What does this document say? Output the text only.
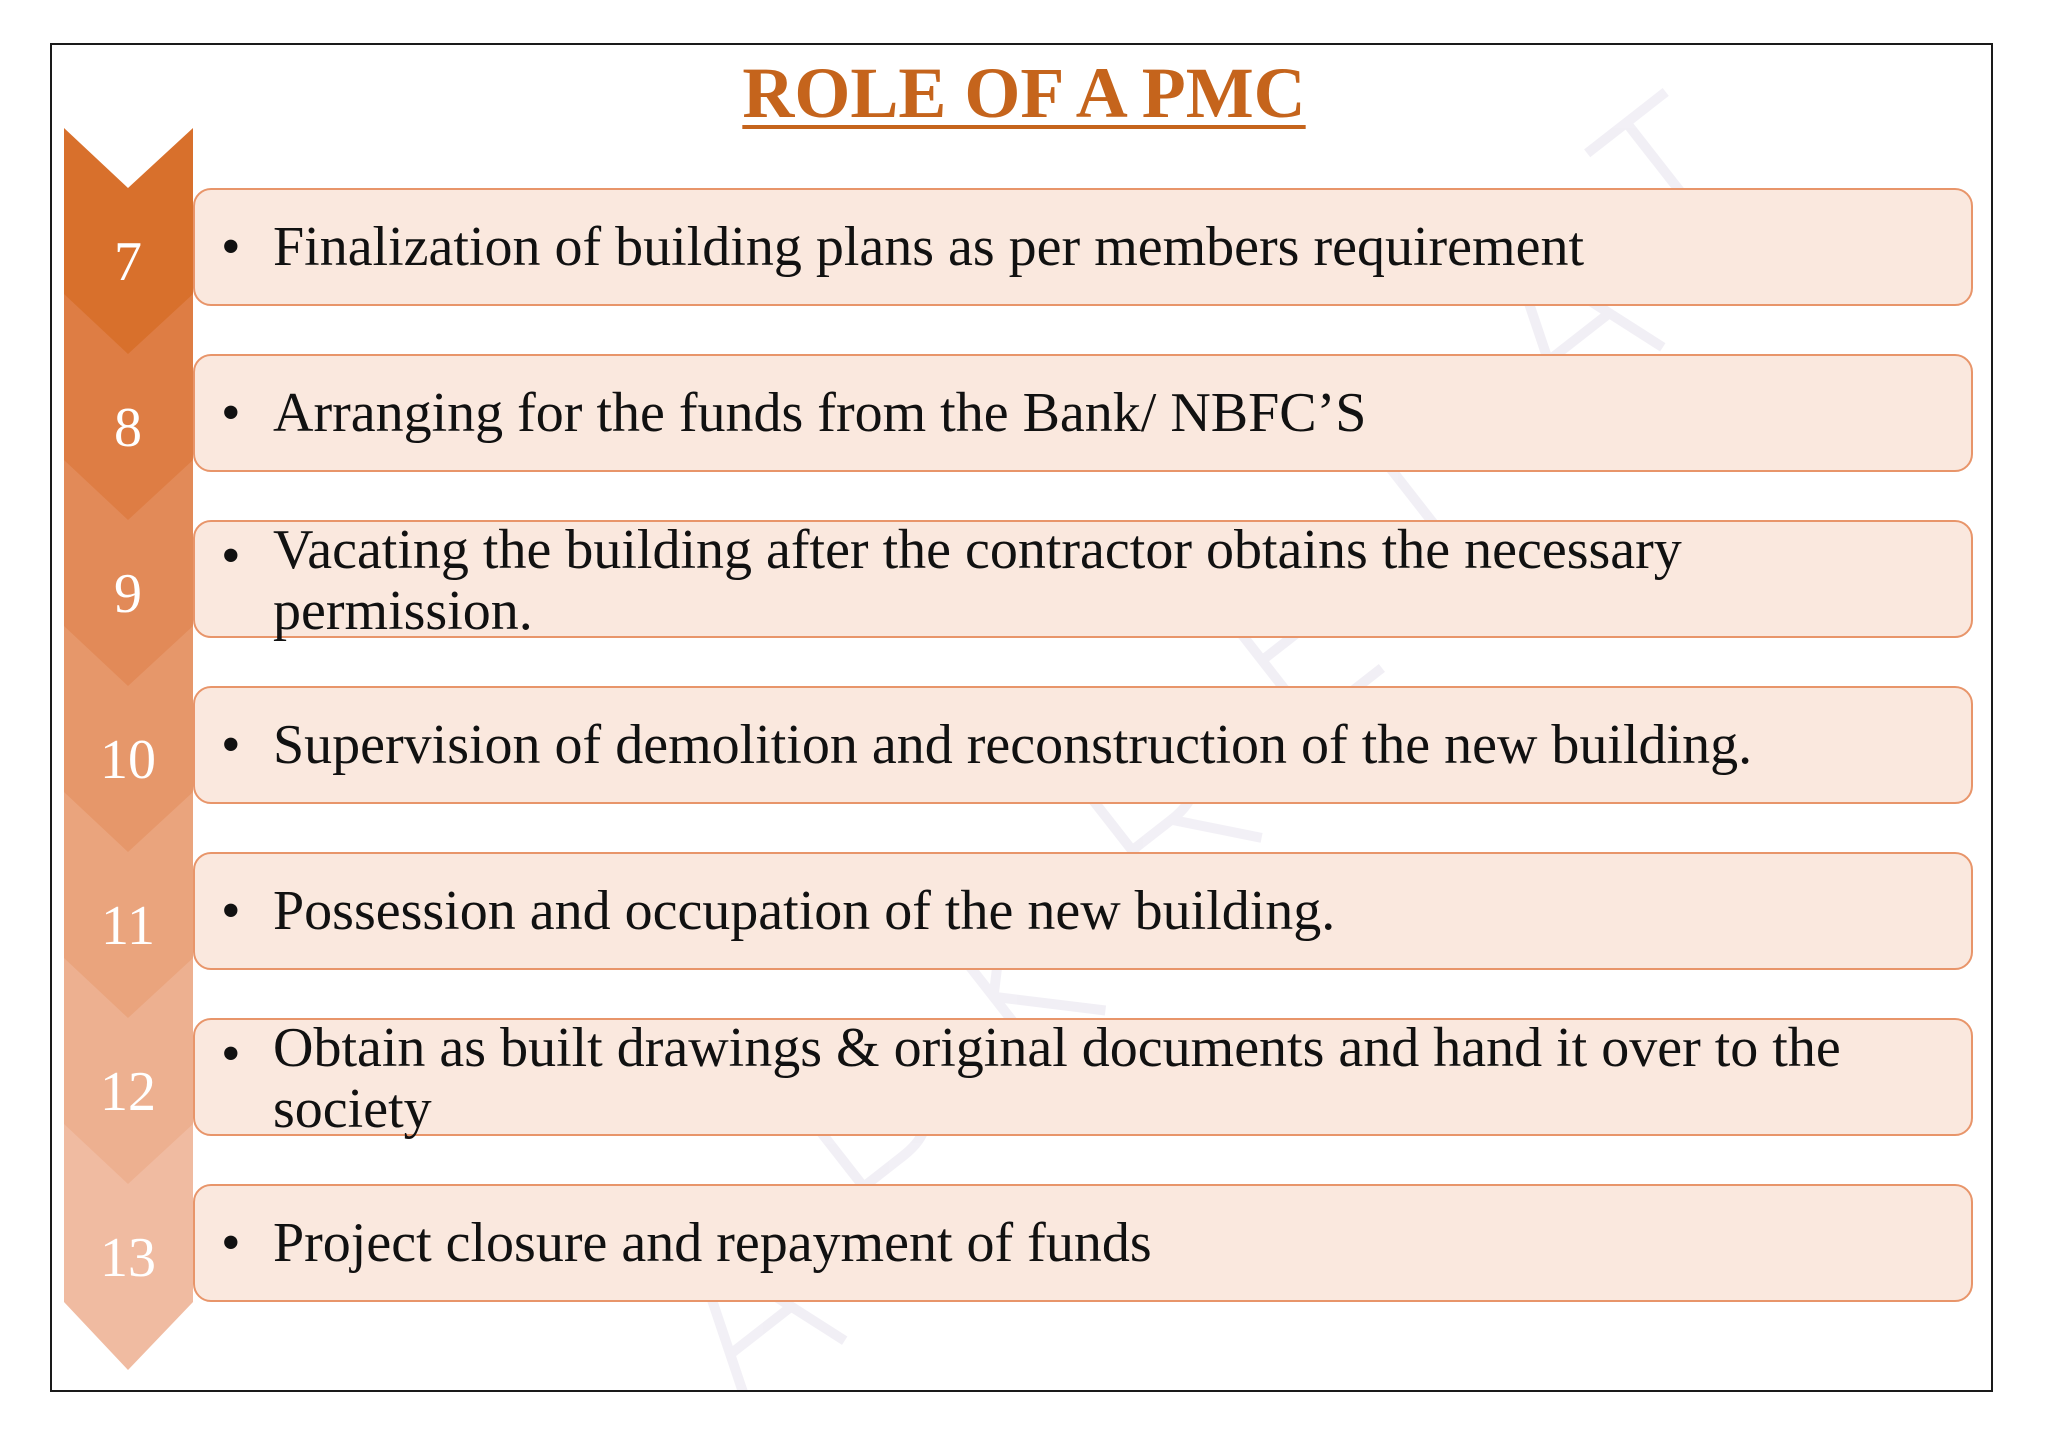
ROLE OF A PMC
7
8
9
10
11
12
13
• Finalization of building plans as per members requirement
• Arranging for the funds from the Bank/ NBFC’S
• Vacating the building after the contractor obtains the necessary permission.
• Supervision of demolition and reconstruction of the new building.
• Possession and occupation of the new building.
• Obtain as built drawings & original documents and hand it over to the society
• Project closure and repayment of funds
